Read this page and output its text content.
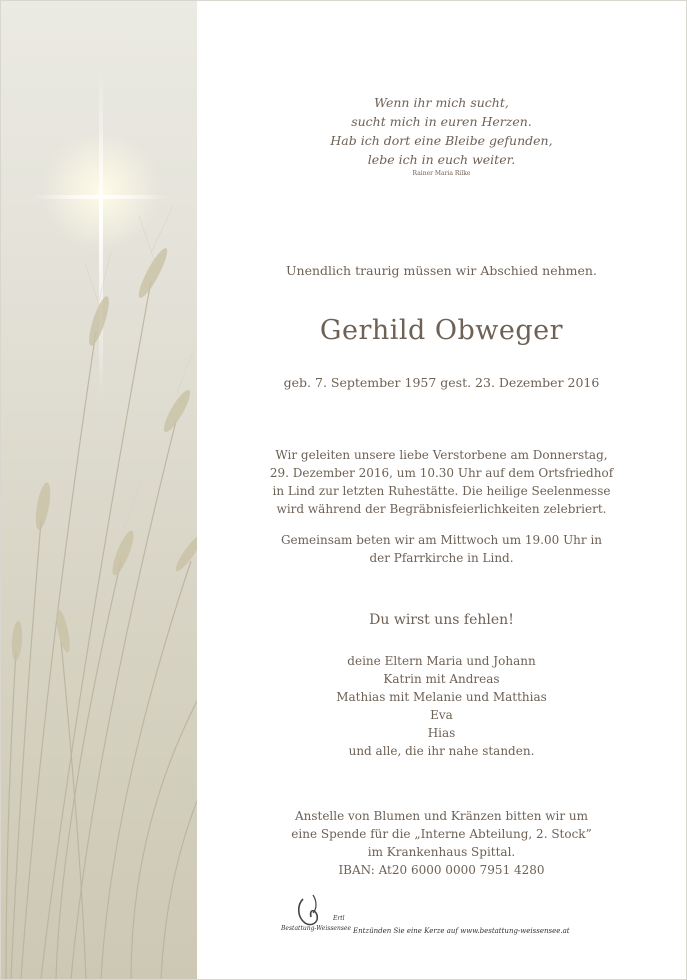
Wenn ihr mich sucht,
sucht mich in euren Herzen.
Hab ich dort eine Bleibe gefunden,
lebe ich in euch weiter.
Rainer Maria Rilke
Unendlich traurig müssen wir Abschied nehmen.
Gerhild Obweger
geb. 7. September 1957 gest. 23. Dezember 2016
Wir geleiten unsere liebe Verstorbene am Donnerstag,
29. Dezember 2016, um 10.30 Uhr auf dem Ortsfriedhof
in Lind zur letzten Ruhestätte. Die heilige Seelenmesse
wird während der Begräbnisfeierlichkeiten zelebriert.
Gemeinsam beten wir am Mittwoch um 19.00 Uhr in
der Pfarrkirche in Lind.
Du wirst uns fehlen!
deine Eltern Maria und Johann
Katrin mit Andreas
Mathias mit Melanie und Matthias
Eva
Hias
und alle, die ihr nahe standen.
Anstelle von Blumen und Kränzen bitten wir um
eine Spende für die „Interne Abteilung, 2. Stock”
im Krankenhaus Spittal.
IBAN: At20 6000 0000 7951 4280
Ertl
Bestattung-Weissensee Entzünden Sie eine Kerze auf www.bestattung-weissensee.at
